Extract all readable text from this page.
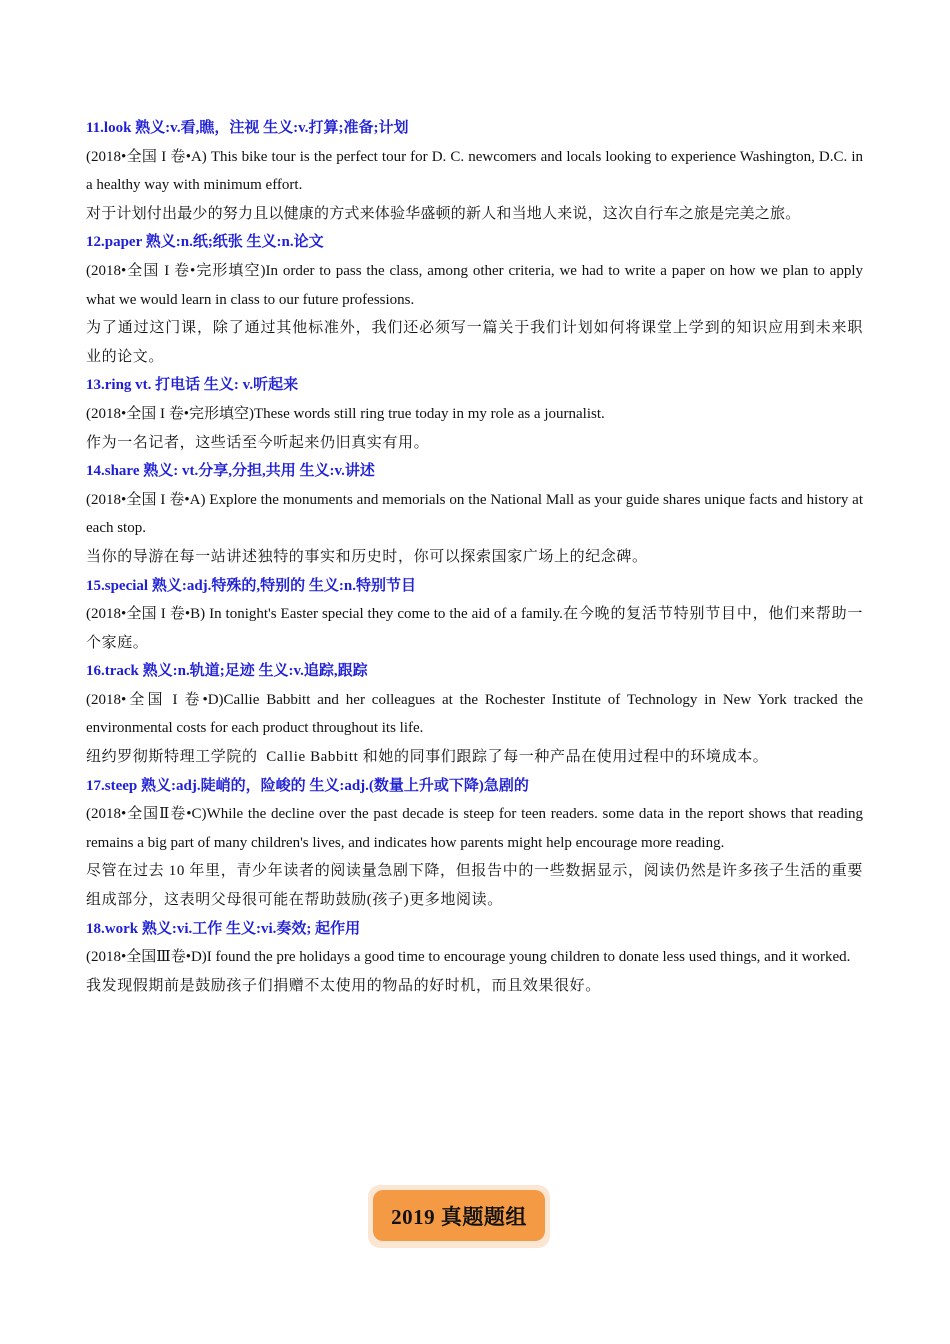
11.look 熟义:v.看,瞧，注视 生义:v.打算;准备;计划
(2018•全国 I 卷•A) This bike tour is the perfect tour for D. C. newcomers and locals looking to experience Washington, D.C. in a healthy way with minimum effort.
对于计划付出最少的努力且以健康的方式来体验华盛顿的新人和当地人来说，这次自行车之旅是完美之旅。
12.paper 熟义:n.纸;纸张 生义:n.论文
(2018•全国 I 卷•完形填空)In order to pass the class, among other criteria, we had to write a paper on how we plan to apply what we would learn in class to our future professions.
为了通过这门课，除了通过其他标准外，我们还必须写一篇关于我们计划如何将课堂上学到的知识应用到未来职业的论文。
13.ring vt. 打电话 生义: v.听起来
(2018•全国 I 卷•完形填空)These words still ring true today in my role as a journalist.
作为一名记者，这些话至今听起来仍旧真实有用。
14.share 熟义: vt.分享,分担,共用 生义:v.讲述
(2018•全国 I 卷•A) Explore the monuments and memorials on the National Mall as your guide shares unique facts and history at each stop.
当你的导游在每一站讲述独特的事实和历史时，你可以探索国家广场上的纪念碑。
15.special 熟义:adj.特殊的,特别的 生义:n.特别节目
(2018•全国 I 卷•B) In tonight's Easter special they come to the aid of a family.在今晚的复活节特别节目中，他们来帮助一个家庭。
16.track 熟义:n.轨道;足迹 生义:v.追踪,跟踪
(2018•全国 I 卷•D)Callie Babbitt and her colleagues at the Rochester Institute of Technology in New York tracked the environmental costs for each product throughout its life.
纽约罗彻斯特理工学院的  Callie Babbitt 和她的同事们跟踪了每一种产品在使用过程中的环境成本。
17.steep 熟义:adj.陡峭的，险峻的 生义:adj.(数量上升或下降)急剧的
(2018•全国Ⅱ卷•C)While the decline over the past decade is steep for teen readers. some data in the report shows that reading remains a big part of many children's lives, and indicates how parents might help encourage more reading.
尽管在过去 10 年里，青少年读者的阅读量急剧下降，但报告中的一些数据显示，阅读仍然是许多孩子生活的重要组成部分，这表明父母很可能在帮助鼓励(孩子)更多地阅读。
18.work 熟义:vi.工作 生义:vi.奏效; 起作用
(2018•全国Ⅲ卷•D)I found the pre holidays a good time to encourage young children to donate less used things, and it worked.
我发现假期前是鼓励孩子们捐赠不太使用的物品的好时机，而且效果很好。
2019 真题题组
